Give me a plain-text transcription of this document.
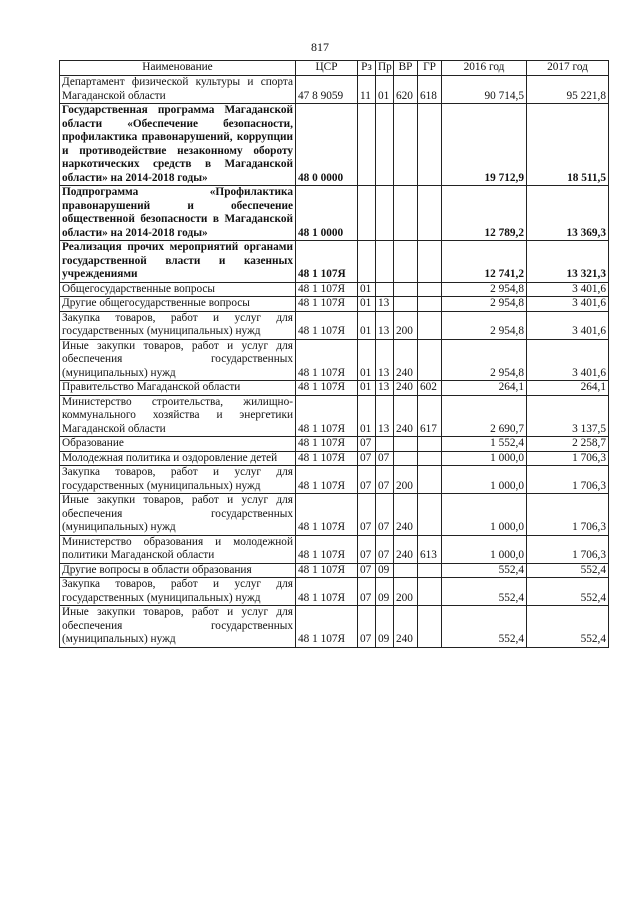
817
Наименование	ЦСР	Рз	Пр	ВР	ГР	2016 год	2017 год
Департамент физической культуры и спорта Магаданской области	47 8 9059	11	01	620	618	90 714,5	95 221,8
Государственная программа Магаданской области «Обеспечение безопасности, профилактика правонарушений, коррупции и противодействие незаконному обороту наркотических средств в Магаданской области» на 2014-2018 годы»	48 0 0000					19 712,9	18 511,5
Подпрограмма «Профилактика правонарушений и обеспечение общественной безопасности в Магаданской области» на 2014-2018 годы»	48 1 0000					12 789,2	13 369,3
Реализация прочих мероприятий органами государственной власти и казенных учреждениями	48 1 107Я					12 741,2	13 321,3
Общегосударственные вопросы	48 1 107Я	01				2 954,8	3 401,6
Другие общегосударственные вопросы	48 1 107Я	01	13			2 954,8	3 401,6
Закупка товаров, работ и услуг для государственных (муниципальных) нужд	48 1 107Я	01	13	200		2 954,8	3 401,6
Иные закупки товаров, работ и услуг для обеспечения государственных (муниципальных) нужд	48 1 107Я	01	13	240		2 954,8	3 401,6
Правительство Магаданской области	48 1 107Я	01	13	240	602	264,1	264,1
Министерство строительства, жилищно-коммунального хозяйства и энергетики Магаданской области	48 1 107Я	01	13	240	617	2 690,7	3 137,5
Образование	48 1 107Я	07				1 552,4	2 258,7
Молодежная политика и оздоровление детей	48 1 107Я	07	07			1 000,0	1 706,3
Закупка товаров, работ и услуг для государственных (муниципальных) нужд	48 1 107Я	07	07	200		1 000,0	1 706,3
Иные закупки товаров, работ и услуг для обеспечения государственных (муниципальных) нужд	48 1 107Я	07	07	240		1 000,0	1 706,3
Министерство образования и молодежной политики Магаданской области	48 1 107Я	07	07	240	613	1 000,0	1 706,3
Другие вопросы в области образования	48 1 107Я	07	09			552,4	552,4
Закупка товаров, работ и услуг для государственных (муниципальных) нужд	48 1 107Я	07	09	200		552,4	552,4
Иные закупки товаров, работ и услуг для обеспечения государственных (муниципальных) нужд	48 1 107Я	07	09	240		552,4	552,4
